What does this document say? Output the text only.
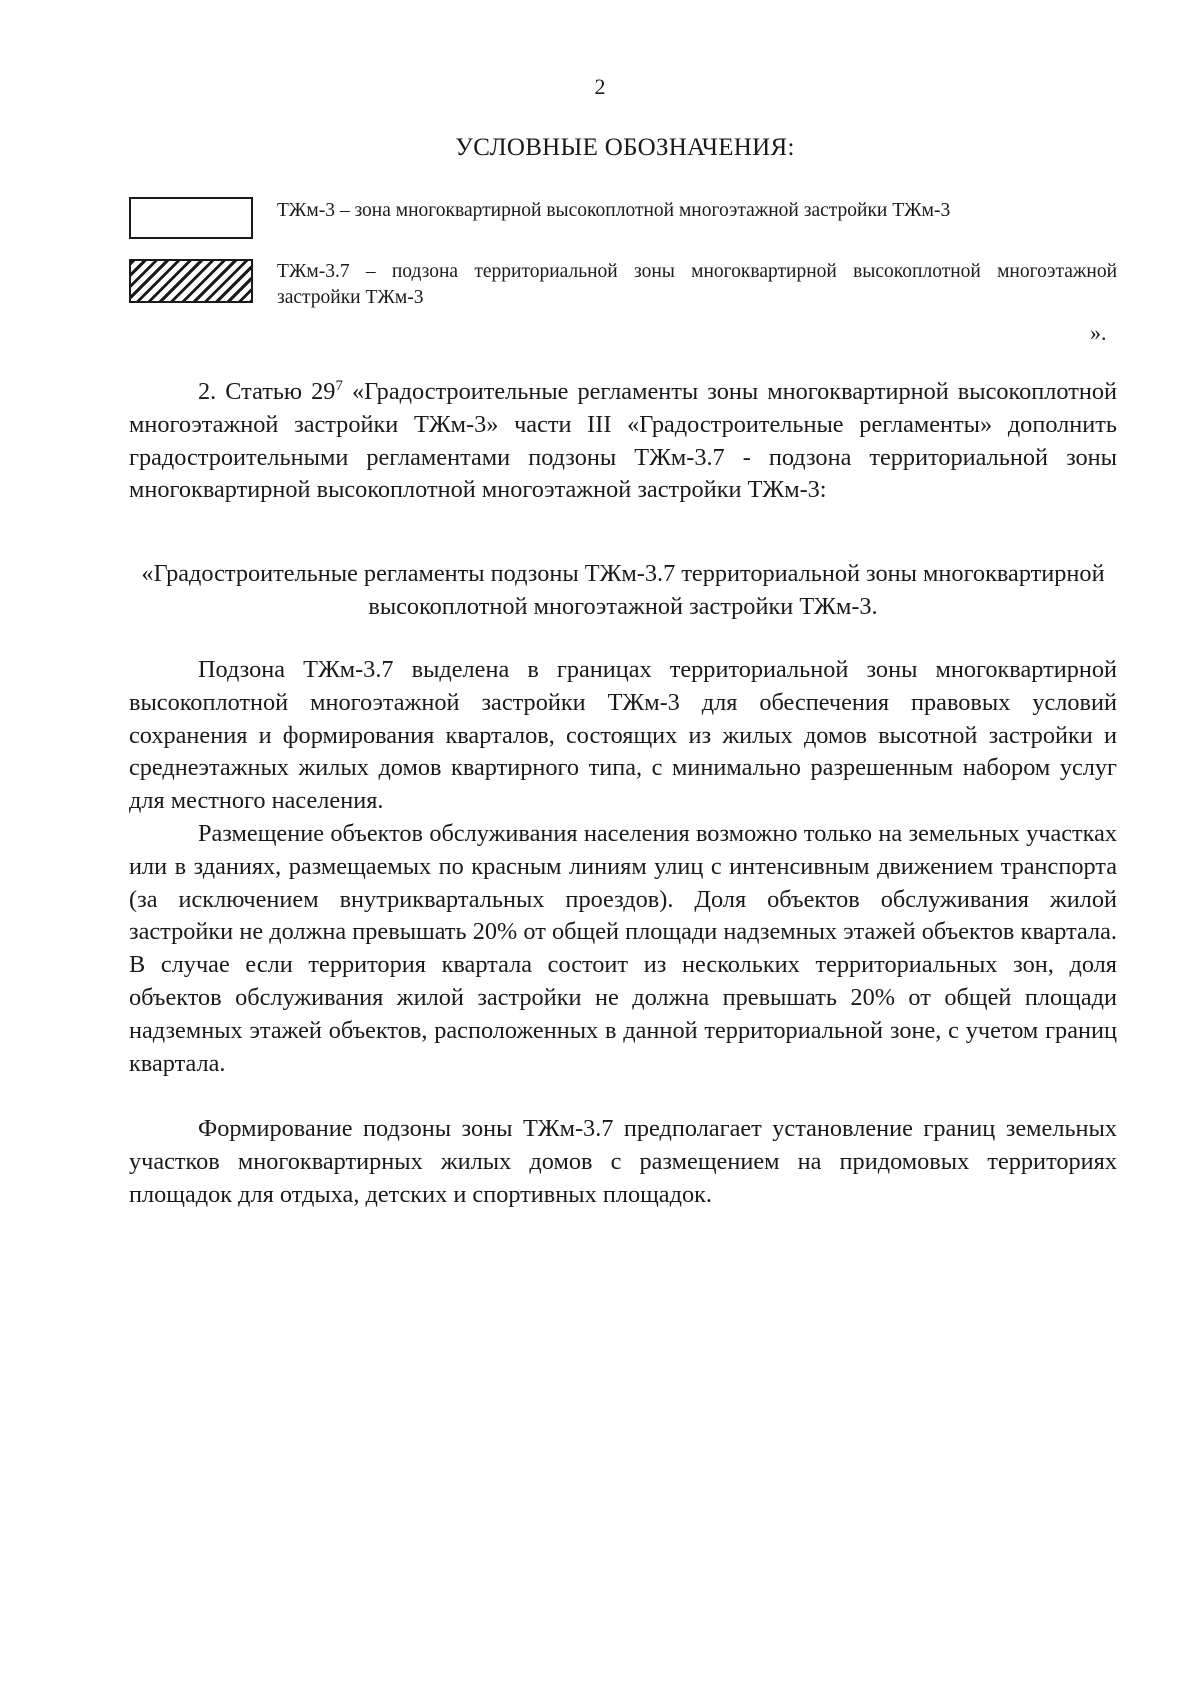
2
УСЛОВНЫЕ ОБОЗНАЧЕНИЯ:
ТЖм-3 – зона многоквартирной высокоплотной многоэтажной застройки ТЖм-3
ТЖм-3.7 – подзона территориальной зоны многоквартирной высокоплотной многоэтажной застройки ТЖм-3
».

2. Статью $29^7$ «Градостроительные регламенты зоны многоквартирной высокоплотной многоэтажной застройки ТЖм-3» части III «Градостроительные регламенты» дополнить градостроительными регламентами подзоны ТЖм-3.7 - подзона территориальной зоны многоквартирной высокоплотной многоэтажной застройки ТЖм-3:

«Градостроительные регламенты подзоны ТЖм-3.7 территориальной зоны многоквартирной высокоплотной многоэтажной застройки ТЖм-3.

Подзона ТЖм-3.7 выделена в границах территориальной зоны многоквартирной высокоплотной многоэтажной застройки ТЖм-3 для обеспечения правовых условий сохранения и формирования кварталов, состоящих из жилых домов высотной застройки и среднеэтажных жилых домов квартирного типа, с минимально разрешенным набором услуг для местного населения.

Размещение объектов обслуживания населения возможно только на земельных участках или в зданиях, размещаемых по красным линиям улиц с интенсивным движением транспорта (за исключением внутриквартальных проездов). Доля объектов обслуживания жилой застройки не должна превышать 20% от общей площади надземных этажей объектов квартала. В случае если территория квартала состоит из нескольких территориальных зон, доля объектов обслуживания жилой застройки не должна превышать 20% от общей площади надземных этажей объектов, расположенных в данной территориальной зоне, с учетом границ квартала.

Формирование подзоны зоны ТЖм-3.7 предполагает установление границ земельных участков многоквартирных жилых домов с размещением на придомовых территориях площадок для отдыха, детских и спортивных площадок.
